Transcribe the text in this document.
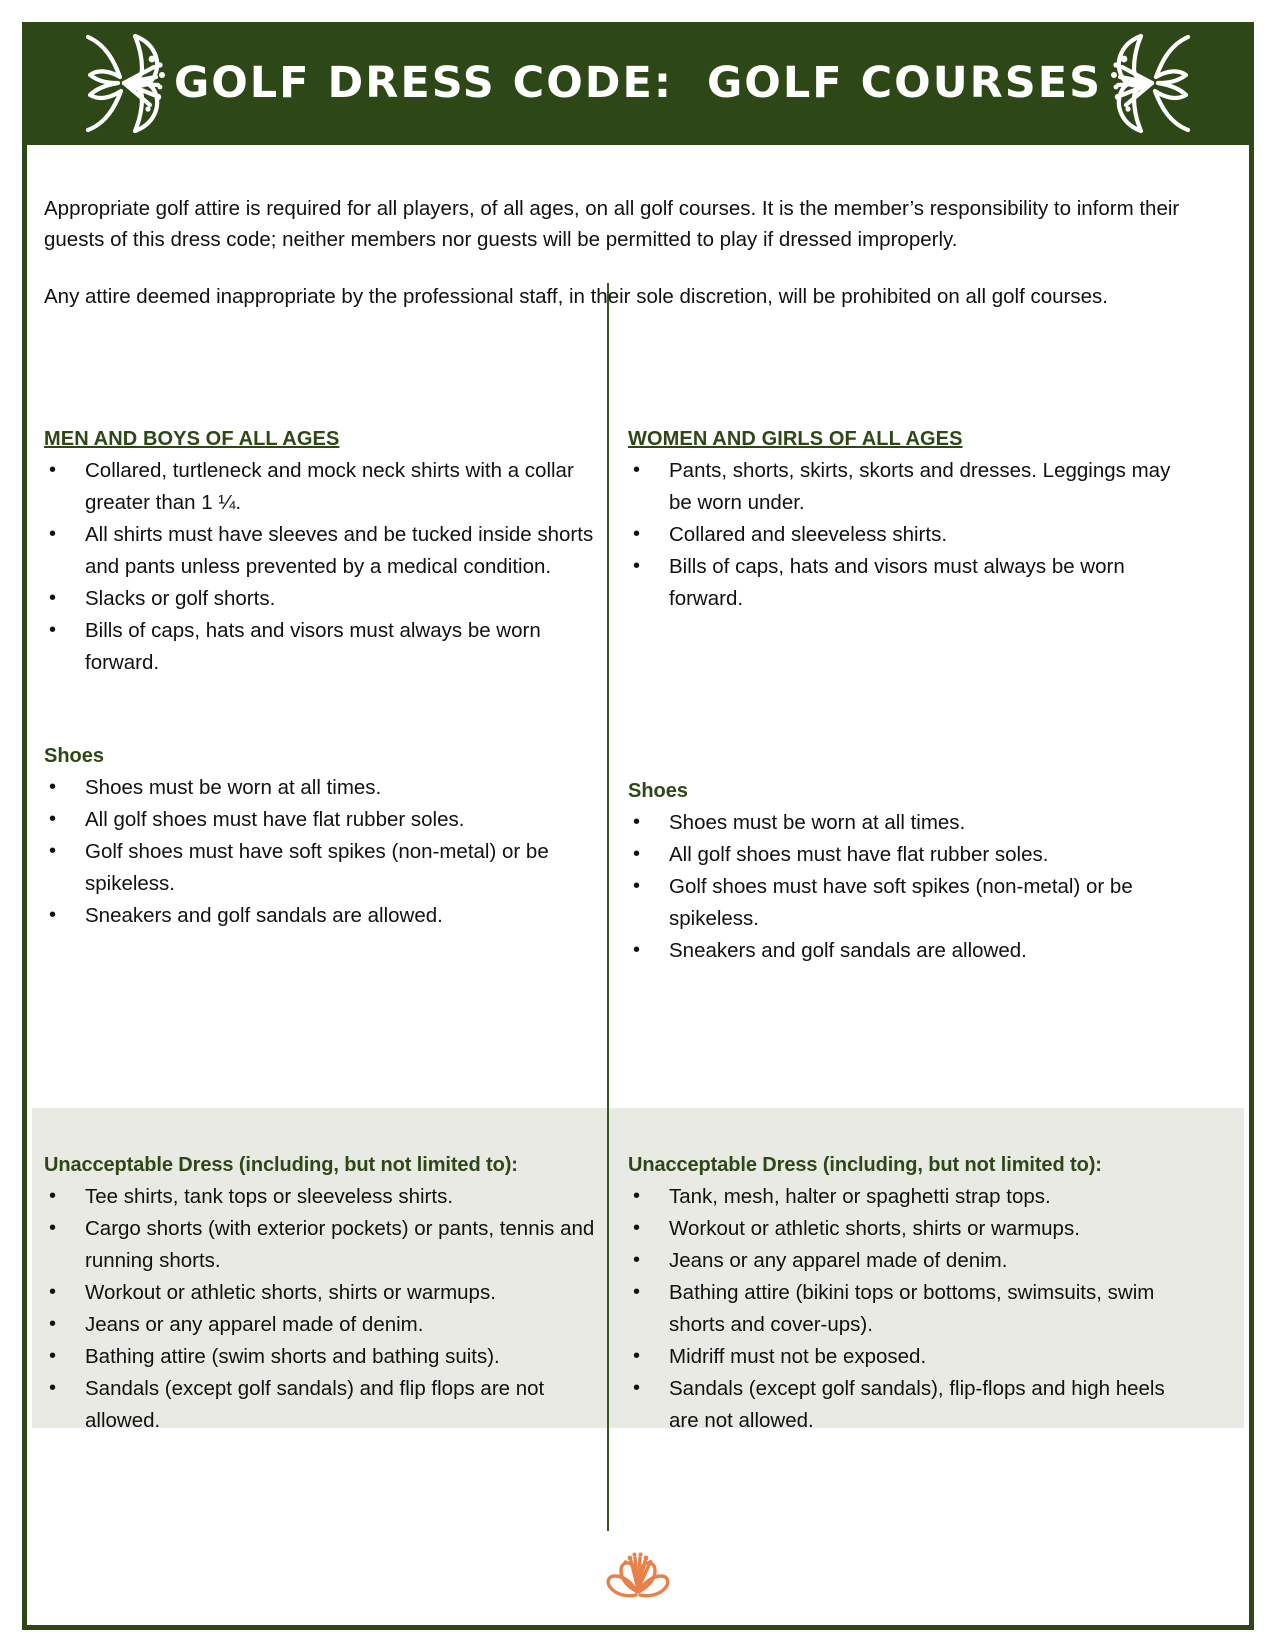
GOLF DRESS CODE:  GOLF COURSES

Appropriate golf attire is required for all players, of all ages, on all golf courses. It is the member’s responsibility to inform their guests of this dress code; neither members nor guests will be permitted to play if dressed improperly.

Any attire deemed inappropriate by the professional staff, in their sole discretion, will be prohibited on all golf courses.

MEN AND BOYS OF ALL AGES
• Collared, turtleneck and mock neck shirts with a collar greater than 1 ¼.
• All shirts must have sleeves and be tucked inside shorts and pants unless prevented by a medical condition.
• Slacks or golf shorts.
• Bills of caps, hats and visors must always be worn forward.
Shoes
• Shoes must be worn at all times.
• All golf shoes must have flat rubber soles.
• Golf shoes must have soft spikes (non-metal) or be spikeless.
• Sneakers and golf sandals are allowed.
WOMEN AND GIRLS OF ALL AGES
• Pants, shorts, skirts, skorts and dresses. Leggings may be worn under.
• Collared and sleeveless shirts.
• Bills of caps, hats and visors must always be worn forward.
Shoes
• Shoes must be worn at all times.
• All golf shoes must have flat rubber soles.
• Golf shoes must have soft spikes (non-metal) or be spikeless.
• Sneakers and golf sandals are allowed.
Unacceptable Dress (including, but not limited to):
• Tee shirts, tank tops or sleeveless shirts.
• Cargo shorts (with exterior pockets) or pants, tennis and running shorts.
• Workout or athletic shorts, shirts or warmups.
• Jeans or any apparel made of denim.
• Bathing attire (swim shorts and bathing suits).
• Sandals (except golf sandals) and flip flops are not allowed.
Unacceptable Dress (including, but not limited to):
• Tank, mesh, halter or spaghetti strap tops.
• Workout or athletic shorts, shirts or warmups.
• Jeans or any apparel made of denim.
• Bathing attire (bikini tops or bottoms, swimsuits, swim shorts and cover-ups).
• Midriff must not be exposed.
• Sandals (except golf sandals), flip-flops and high heels are not allowed.
